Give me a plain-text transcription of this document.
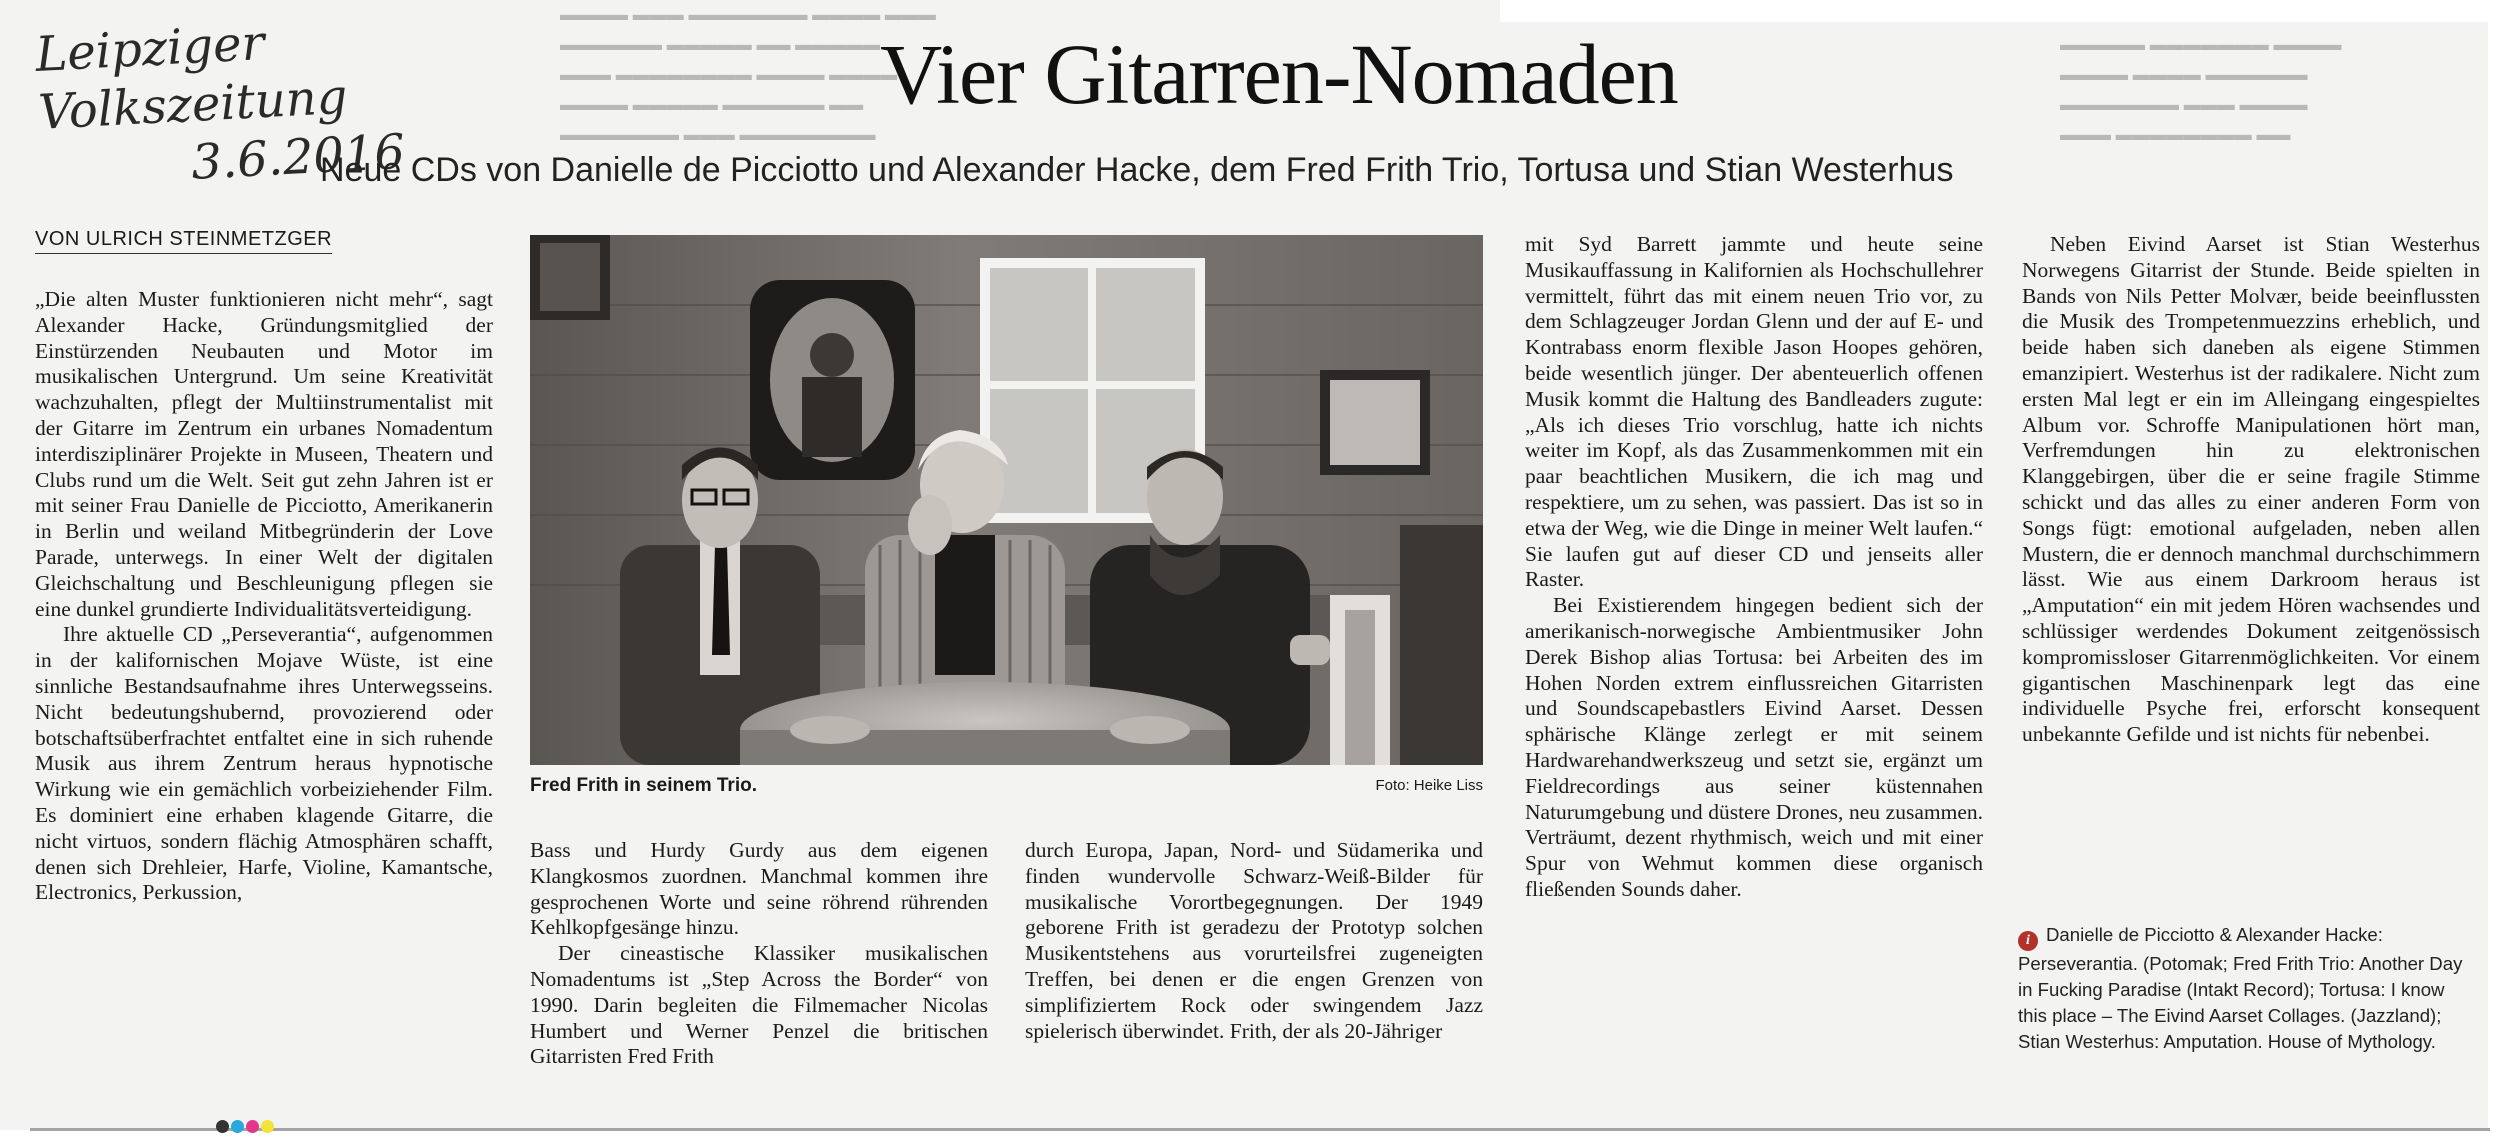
▬▬▬▬ ▬▬▬ ▬▬▬▬▬▬▬ ▬▬▬▬ ▬▬▬
▬▬▬▬▬▬ ▬▬▬▬▬ ▬▬ ▬▬▬▬▬
▬▬▬ ▬▬▬▬▬▬▬▬ ▬▬▬▬ ▬▬▬▬
▬▬▬▬ ▬▬▬▬▬ ▬▬▬▬▬▬ ▬▬
▬▬▬▬▬▬▬ ▬▬▬ ▬▬▬▬▬▬▬▬
▬▬▬▬▬ ▬▬▬▬▬▬▬ ▬▬▬▬
▬▬▬▬ ▬▬▬▬ ▬▬▬▬▬▬
▬▬▬▬▬▬▬ ▬▬▬ ▬▬▬▬
▬▬▬ ▬▬▬▬▬▬▬▬ ▬▬
Leipziger Volkszeitung
3.6.2016
Vier Gitarren-Nomaden
Neue CDs von Danielle de Picciotto und Alexander Hacke, dem Fred Frith Trio, Tortusa und Stian Westerhus
VON ULRICH STEINMETZGER

„Die alten Muster funktionieren nicht mehr“, sagt Alexander Hacke, Gründungsmitglied der Einstürzenden Neubauten und Motor im musikalischen Untergrund. Um seine Kreativität wachzuhalten, pflegt der Multiinstrumentalist mit der Gitarre im Zentrum ein urbanes Nomadentum interdisziplinärer Projekte in Museen, Theatern und Clubs rund um die Welt. Seit gut zehn Jahren ist er mit seiner Frau Danielle de Picciotto, Amerikanerin in Berlin und weiland Mitbegründerin der Love Parade, unterwegs. In einer Welt der digitalen Gleichschaltung und Beschleunigung pflegen sie eine dunkel grundierte Individualitätsverteidigung.

Ihre aktuelle CD „Perseverantia“, aufgenommen in der kalifornischen Mojave Wüste, ist eine sinnliche Bestandsaufnahme ihres Unterwegsseins. Nicht bedeutungshubernd, provozierend oder botschaftsüberfrachtet entfaltet eine in sich ruhende Musik aus ihrem Zentrum heraus hypnotische Wirkung wie ein gemächlich vorbeiziehender Film. Es dominiert eine erhaben klagende Gitarre, die nicht virtuos, sondern flächig Atmosphären schafft, denen sich Drehleier, Harfe, Violine, Kamantsche, Electronics, Perkussion,

Fred Frith in seinem Trio.	Foto: Heike Liss

Bass und Hurdy Gurdy aus dem eigenen Klangkosmos zuordnen. Manchmal kommen ihre gesprochenen Worte und seine röhrend rührenden Kehlkopfgesänge hinzu.

Der cineastische Klassiker musikalischen Nomadentums ist „Step Across the Border“ von 1990. Darin begleiten die Filmemacher Nicolas Humbert und Werner Penzel die britischen Gitarristen Fred Frith

durch Europa, Japan, Nord- und Südamerika und finden wundervolle Schwarz-Weiß-Bilder für musikalische Vorortbegegnungen. Der 1949 geborene Frith ist geradezu der Prototyp solchen Musikentstehens aus vorurteilsfrei zugeneigten Treffen, bei denen er die engen Grenzen von simplifiziertem Rock oder swingendem Jazz spielerisch überwindet. Frith, der als 20-Jähriger

mit Syd Barrett jammte und heute seine Musikauffassung in Kalifornien als Hochschullehrer vermittelt, führt das mit einem neuen Trio vor, zu dem Schlagzeuger Jordan Glenn und der auf E- und Kontrabass enorm flexible Jason Hoopes gehören, beide wesentlich jünger. Der abenteuerlich offenen Musik kommt die Haltung des Bandleaders zugute: „Als ich dieses Trio vorschlug, hatte ich nichts weiter im Kopf, als das Zusammenkommen mit ein paar beachtlichen Musikern, die ich mag und respektiere, um zu sehen, was passiert. Das ist so in etwa der Weg, wie die Dinge in meiner Welt laufen.“ Sie laufen gut auf dieser CD und jenseits aller Raster.

Bei Existierendem hingegen bedient sich der amerikanisch-norwegische Ambientmusiker John Derek Bishop alias Tortusa: bei Arbeiten des im Hohen Norden extrem einflussreichen Gitarristen und Soundscapebastlers Eivind Aarset. Dessen sphärische Klänge zerlegt er mit seinem Hardwarehandwerkszeug und setzt sie, ergänzt um Fieldrecordings aus seiner küstennahen Naturumgebung und düstere Drones, neu zusammen. Verträumt, dezent rhythmisch, weich und mit einer Spur von Wehmut kommen diese organisch fließenden Sounds daher.

Neben Eivind Aarset ist Stian Westerhus Norwegens Gitarrist der Stunde. Beide spielten in Bands von Nils Petter Molvær, beide beeinflussten die Musik des Trompetenmuezzins erheblich, und beide haben sich daneben als eigene Stimmen emanzipiert. Westerhus ist der radikalere. Nicht zum ersten Mal legt er ein im Alleingang eingespieltes Album vor. Schroffe Manipulationen hört man, Verfremdungen hin zu elektronischen Klanggebirgen, über die er seine fragile Stimme schickt und das alles zu einer anderen Form von Songs fügt: emotional aufgeladen, neben allen Mustern, die er dennoch manchmal durchschimmern lässt. Wie aus einem Darkroom heraus ist „Amputation“ ein mit jedem Hören wachsendes und schlüssiger werdendes Dokument zeitgenössisch kompromissloser Gitarrenmöglichkeiten. Vor einem gigantischen Maschinenpark legt das eine individuelle Psyche frei, erforscht konsequent unbekannte Gefilde und ist nichts für nebenbei.

i Danielle de Picciotto & Alexander Hacke: Perseverantia. (Potomak; Fred Frith Trio: Another Day in Fucking Paradise (Intakt Record); Tortusa: I know this place – The Eivind Aarset Collages. (Jazzland); Stian Westerhus: Amputation. House of Mythology.
